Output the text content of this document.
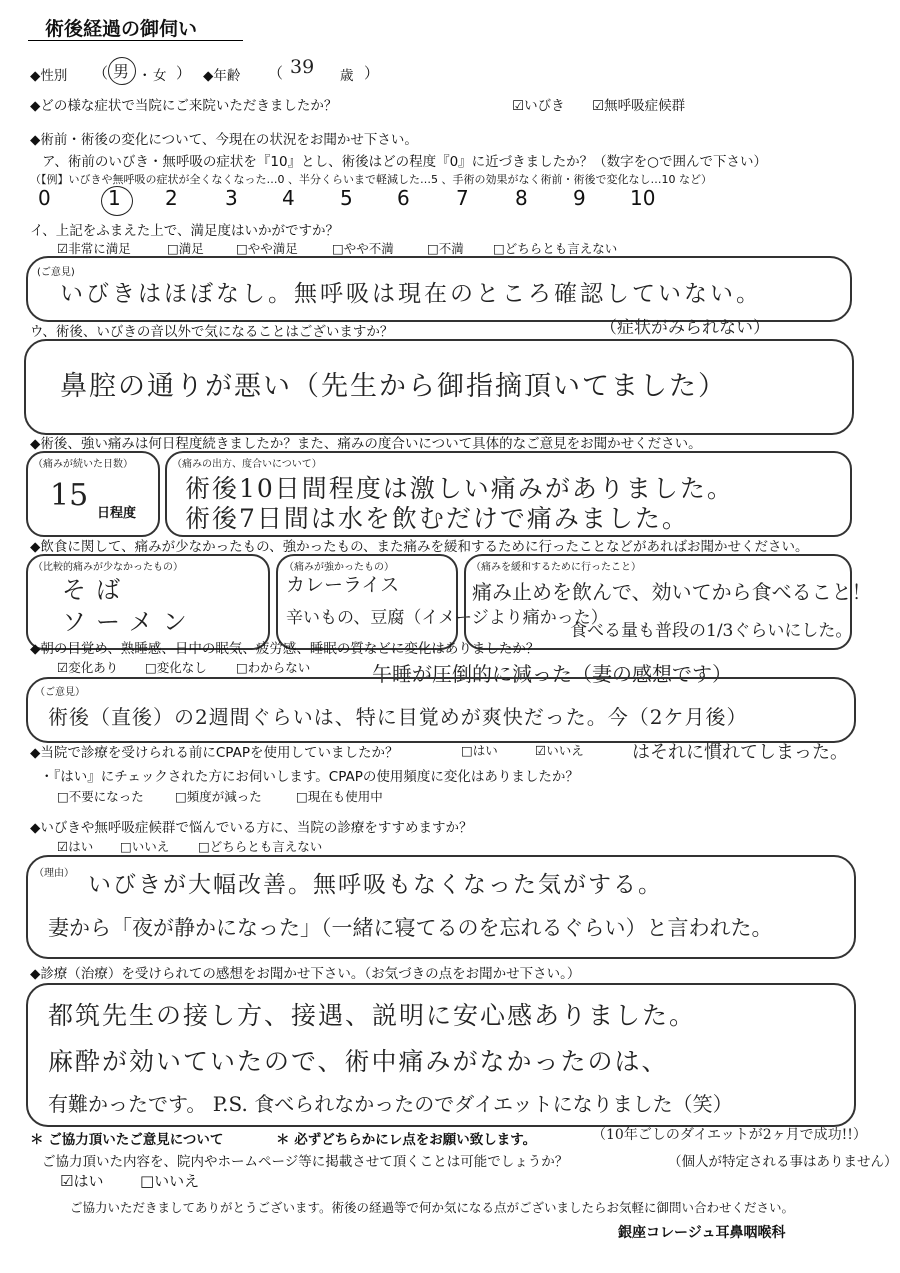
術後経過の御伺い
◆性別 （ 男 ・ 女 ） ◆年齢 （ 39 歳 ）
◆どの様な症状で当院にご来院いただきましたか？	☑いびき ☑無呼吸症候群
◆術前・術後の変化について、今現在の状況をお聞かせ下さい。
ア、術前のいびき・無呼吸の症状を『10』とし、術後はどの程度『0』に近づきましたか？（数字を○で囲んで下さい）
（【例】いびきや無呼吸の症状が全くなくなった…0 、半分くらいまで軽減した…5 、手術の効果がなく術前・術後で変化なし…10 など）
0	1 2 3 4 5 6 7 8 9 10
イ、上記をふまえた上で、満足度はいかがですか？
☑非常に満足	□満足	□やや満足	□やや不満	□不満 □どちらとも言えない
(ご意見)
いびきはほぼなし。無呼吸は現在のところ確認していない。
（症状がみられない）
ウ、術後、いびきの音以外で気になることはございますか？
鼻腔の通りが悪い（先生から御指摘頂いてました）
◆術後、強い痛みは何日程度続きましたか？また、痛みの度合いについて具体的なご意見をお聞かせください。
（痛みが続いた日数）
15
日程度
（痛みの出方、度合いについて）
術後10日間程度は激しい痛みがありました。
術後7日間は水を飲むだけで痛みました。
◆飲食に関して、痛みが少なかったもの、強かったもの、また痛みを緩和するために行ったことなどがあればお聞かせください。
（比較的痛みが少なかったもの）
そば
ソーメン
（痛みが強かったもの）
カレーライス
辛いもの、豆腐（イメージより痛かった）
（痛みを緩和するために行ったこと）
痛み止めを飲んで、効いてから食べること！
食べる量も普段の1/3ぐらいにした。
◆朝の目覚め、熟睡感、日中の眠気、疲労感、睡眠の質などに変化はありましたか？
☑変化あり □変化なし □わからない	午睡が圧倒的に減った（妻の感想です）
（ご意見）
術後（直後）の2週間ぐらいは、特に目覚めが爽快だった。今（2ケ月後）
はそれに慣れてしまった。
◆当院で診療を受けられる前にCPAPを使用していましたか？	□はい	☑いいえ
・『はい』にチェックされた方にお伺いします。CPAPの使用頻度に変化はありましたか？
□不要になった □頻度が減った	□現在も使用中
◆いびきや無呼吸症候群で悩んでいる方に、当院の診療をすすめますか？
☑はい □いいえ □どちらとも言えない
（理由） いびきが大幅改善。無呼吸もなくなった気がする。
妻から「夜が静かになった」（一緒に寝てるのを忘れるぐらい）と言われた。
◆診療（治療）を受けられての感想をお聞かせ下さい。（お気づきの点をお聞かせ下さい。）
都筑先生の接し方、接遇、説明に安心感ありました。
麻酔が効いていたので、術中痛みがなかったのは、
有難かったです。 P.S. 食べられなかったのでダイエットになりました（笑）
（10年ごしのダイエットが2ヶ月で成功!!）
＊ ご協力頂いたご意見について	＊ 必ずどちらかにレ点をお願い致します。
ご協力頂いた内容を、院内やホームページ等に掲載させて頂くことは可能でしょうか？	（個人が特定される事はありません）
☑はい □いいえ
ご協力いただきましてありがとうございます。術後の経過等で何か気になる点がございましたらお気軽に御問い合わせください。
銀座コレージュ耳鼻咽喉科
